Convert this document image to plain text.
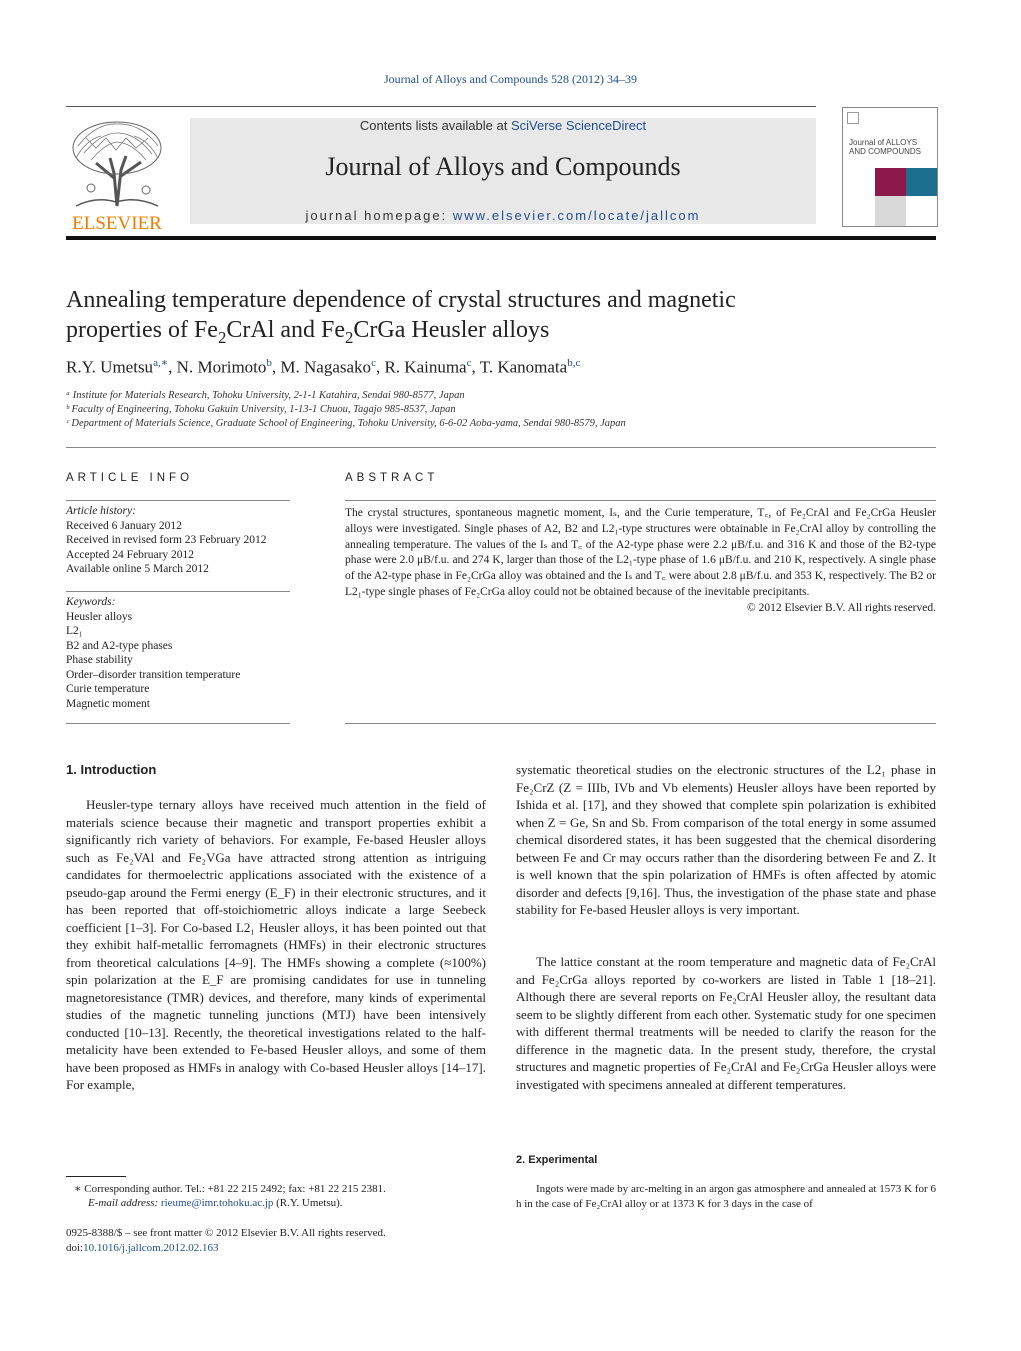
Journal of Alloys and Compounds 528 (2012) 34–39
ELSEVIER
Contents lists available at SciVerse ScienceDirect
Journal of Alloys and Compounds
journal homepage: www.elsevier.com/locate/jallcom
Journal of ALLOYS AND COMPOUNDS
Annealing temperature dependence of crystal structures and magnetic
properties of $Fe_2CrAl$ and $Fe_2CrGa$ Heusler alloys
R.Y. Umetsu$^{a,∗}$, N. Morimoto$^b$, M. Nagasako$^c$, R. Kainuma$^c$, T. Kanomata$^{b,c}$
ᵃ Institute for Materials Research, Tohoku University, 2-1-1 Katahira, Sendai 980-8577, Japan
ᵇ Faculty of Engineering, Tohoku Gakuin University, 1-13-1 Chuou, Tagajo 985-8537, Japan
ᶜ Department of Materials Science, Graduate School of Engineering, Tohoku University, 6-6-02 Aoba-yama, Sendai 980-8579, Japan
ARTICLE INFO
Article history:
Received 6 January 2012
Received in revised form 23 February 2012
Accepted 24 February 2012
Available online 5 March 2012
Keywords:
Heusler alloys
L2₁
B2 and A2-type phases
Phase stability
Order–disorder transition temperature
Curie temperature
Magnetic moment
ABSTRACT
The crystal structures, spontaneous magnetic moment, Iₛ, and the Curie temperature, T꜀, of Fe₂CrAl and Fe₂CrGa Heusler alloys were investigated. Single phases of A2, B2 and L2₁-type structures were obtainable in Fe₂CrAl alloy by controlling the annealing temperature. The values of the Iₛ and T꜀ of the A2-type phase were 2.2 μB/f.u. and 316 K and those of the B2-type phase were 2.0 μB/f.u. and 274 K, larger than those of the L2₁-type phase of 1.6 μB/f.u. and 210 K, respectively. A single phase of the A2-type phase in Fe₂CrGa alloy was obtained and the Iₛ and T꜀ were about 2.8 μB/f.u. and 353 K, respectively. The B2 or L2₁-type single phases of Fe₂CrGa alloy could not be obtained because of the inevitable precipitants.
© 2012 Elsevier B.V. All rights reserved.
1. Introduction
Heusler-type ternary alloys have received much attention in the field of materials science because their magnetic and transport properties exhibit a significantly rich variety of behaviors. For example, Fe-based Heusler alloys such as Fe₂VAl and Fe₂VGa have attracted strong attention as intriguing candidates for thermoelectric applications associated with the existence of a pseudo-gap around the Fermi energy (E_F) in their electronic structures, and it has been reported that off-stoichiometric alloys indicate a large Seebeck coefficient [1–3]. For Co-based L2₁ Heusler alloys, it has been pointed out that they exhibit half-metallic ferromagnets (HMFs) in their electronic structures from theoretical calculations [4–9]. The HMFs showing a complete (≈100%) spin polarization at the E_F are promising candidates for use in tunneling magnetoresistance (TMR) devices, and therefore, many kinds of experimental studies of the magnetic tunneling junctions (MTJ) have been intensively conducted [10–13]. Recently, the theoretical investigations related to the half-metalicity have been extended to Fe-based Heusler alloys, and some of them have been proposed as HMFs in analogy with Co-based Heusler alloys [14–17]. For example,
systematic theoretical studies on the electronic structures of the L2₁ phase in Fe₂CrZ (Z = IIIb, IVb and Vb elements) Heusler alloys have been reported by Ishida et al. [17], and they showed that complete spin polarization is exhibited when Z = Ge, Sn and Sb. From comparison of the total energy in some assumed chemical disordered states, it has been suggested that the chemical disordering between Fe and Cr may occurs rather than the disordering between Fe and Z. It is well known that the spin polarization of HMFs is often affected by atomic disorder and defects [9,16]. Thus, the investigation of the phase state and phase stability for Fe-based Heusler alloys is very important.
The lattice constant at the room temperature and magnetic data of Fe₂CrAl and Fe₂CrGa alloys reported by co-workers are listed in Table 1 [18–21]. Although there are several reports on Fe₂CrAl Heusler alloy, the resultant data seem to be slightly different from each other. Systematic study for one specimen with different thermal treatments will be needed to clarify the reason for the difference in the magnetic data. In the present study, therefore, the crystal structures and magnetic properties of Fe₂CrAl and Fe₂CrGa Heusler alloys were investigated with specimens annealed at different temperatures.
2. Experimental
Ingots were made by arc-melting in an argon gas atmosphere and annealed at 1573 K for 6 h in the case of Fe₂CrAl alloy or at 1373 K for 3 days in the case of
∗ Corresponding author. Tel.: +81 22 215 2492; fax: +81 22 215 2381.
E-mail address: rieume@imr.tohoku.ac.jp (R.Y. Umetsu).
0925-8388/$ – see front matter © 2012 Elsevier B.V. All rights reserved.
doi:10.1016/j.jallcom.2012.02.163
